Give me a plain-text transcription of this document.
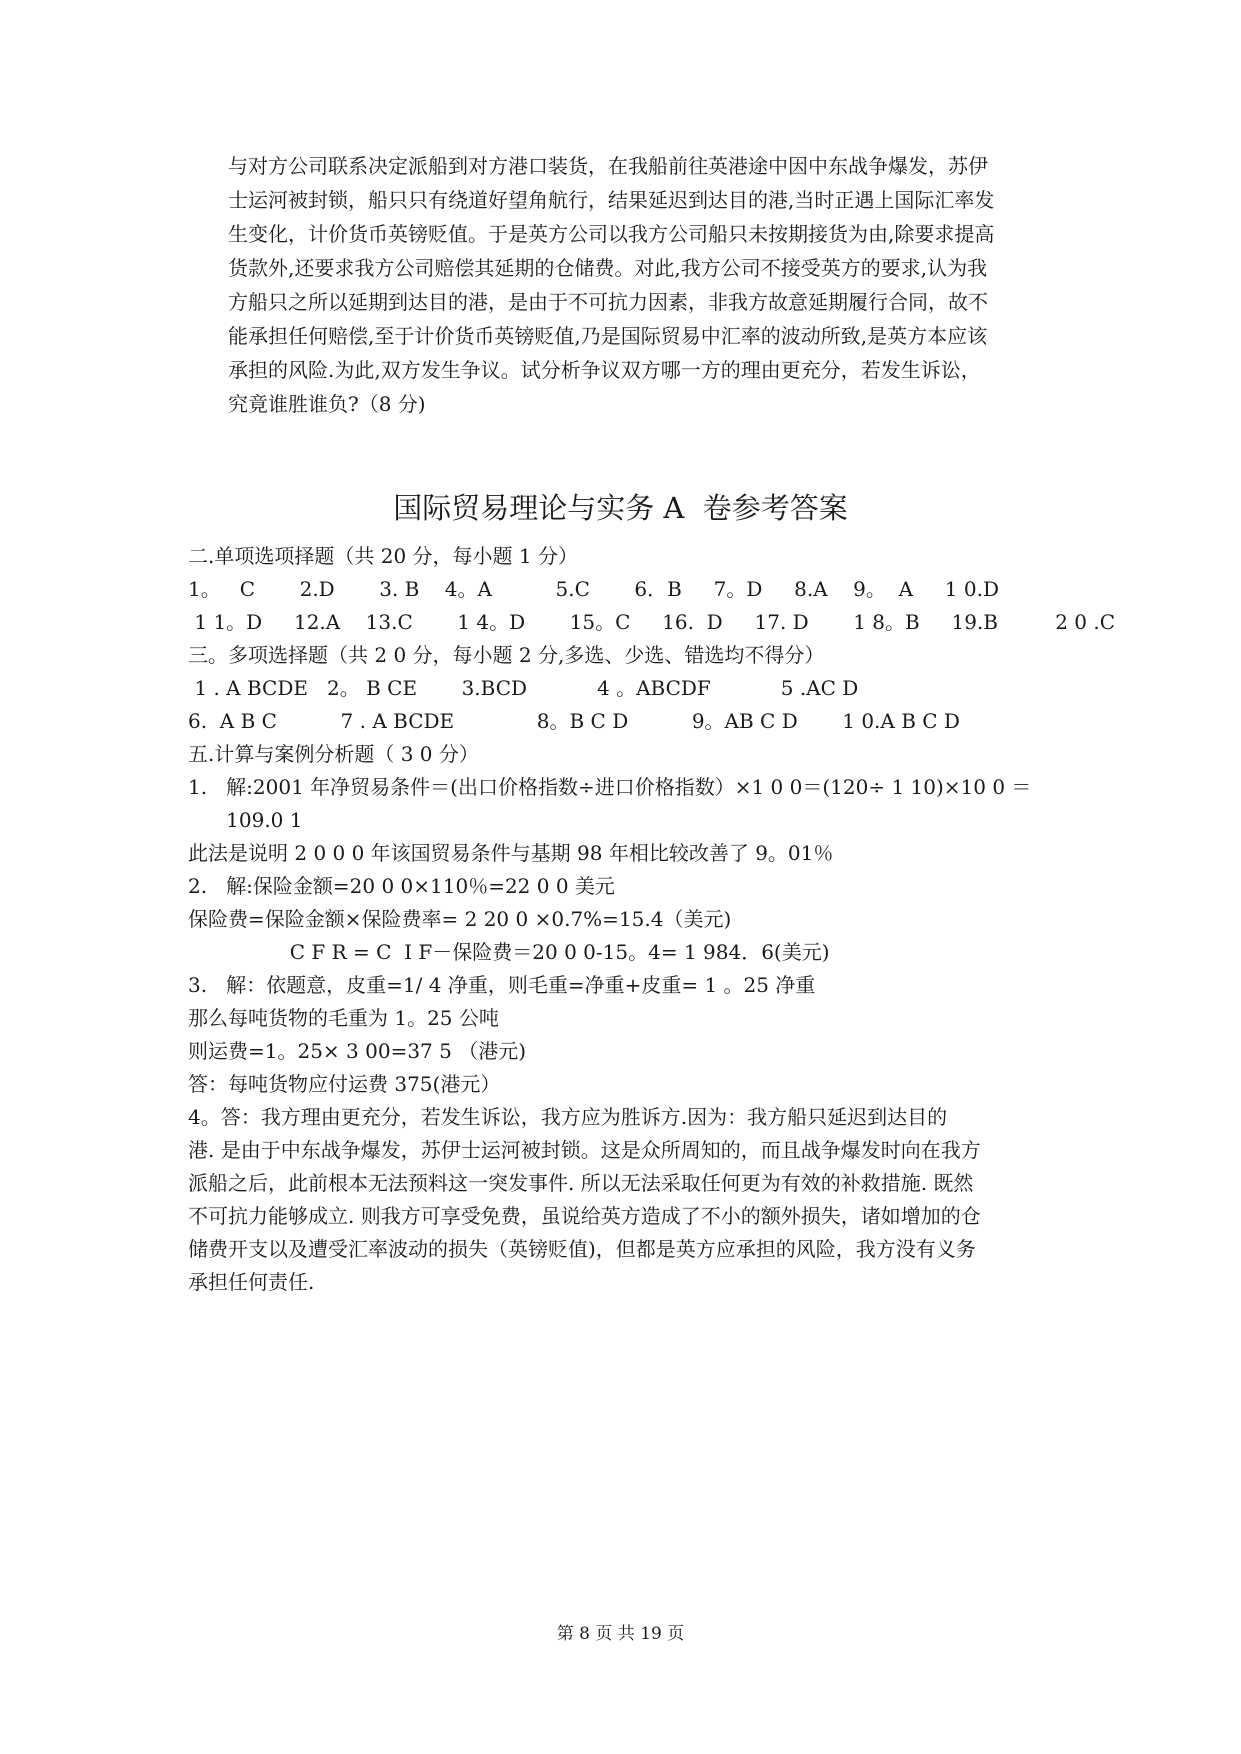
与对方公司联系决定派船到对方港口装货，在我船前往英港途中因中东战争爆发，苏伊
士运河被封锁，船只只有绕道好望角航行，结果延迟到达目的港,当时正遇上国际汇率发
生变化，计价货币英镑贬值。于是英方公司以我方公司船只未按期接货为由,除要求提高
货款外,还要求我方公司赔偿其延期的仓储费。对此,我方公司不接受英方的要求,认为我
方船只之所以延期到达目的港，是由于不可抗力因素，非我方故意延期履行合同，故不
能承担任何赔偿,至于计价货币英镑贬值,乃是国际贸易中汇率的波动所致,是英方本应该
承担的风险.为此,双方发生争议。试分析争议双方哪一方的理由更充分，若发生诉讼，
究竟谁胜谁负?（8 分)
国际贸易理论与实务 A  卷参考答案
二.单项选项择题（共 20 分，每小题 1 分）
1。   C       2.D       3. B    4。A          5.C       6．B     7。D     8.A    9。  A     1 0.D
1 1。D     12.A    13.C       1 4。D       15。C     16.  D     17. D       1 8。B     19.B         2 0 .C
三。多项选择题（共 2 0 分，每小题 2 分,多选、少选、错选均不得分）
1 . A BCDE   2。 B CE       3.BCD           4 。ABCDF           5 .AC D
6.  A B C          7 . A BCDE             8。B C D          9。AB C D       1 0.A B C D
五.计算与案例分析题（ 3 0 分）
1.   解:2001 年净贸易条件＝(出口价格指数÷进口价格指数）×1 0 0＝(120÷ 1 10)×10 0 ＝
109.0 1
此法是说明 2 0 0 0 年该国贸易条件与基期 98 年相比较改善了 9。01％
2.   解:保险金额=20 0 0×110％=22 0 0 美元
保险费=保险金额×保险费率= 2 20 0 ×0.7%=15.4（美元)
C F R = C  I F－保险费＝20 0 0-15。4= 1 984．6(美元)
3.   解：依题意，皮重=1/ 4 净重，则毛重=净重+皮重= 1 。25 净重
那么每吨货物的毛重为 1。25 公吨
则运费=1。25× 3 00=37 5 （港元)
答：每吨货物应付运费 375(港元）
4。答：我方理由更充分，若发生诉讼，我方应为胜诉方.因为：我方船只延迟到达目的
港. 是由于中东战争爆发，苏伊士运河被封锁。这是众所周知的，而且战争爆发时向在我方
派船之后，此前根本无法预料这一突发事件. 所以无法采取任何更为有效的补救措施. 既然
不可抗力能够成立. 则我方可享受免费，虽说给英方造成了不小的额外损失，诸如增加的仓
储费开支以及遭受汇率波动的损失（英镑贬值)，但都是英方应承担的风险，我方没有义务
承担任何责任.
第 8 页 共 19 页
